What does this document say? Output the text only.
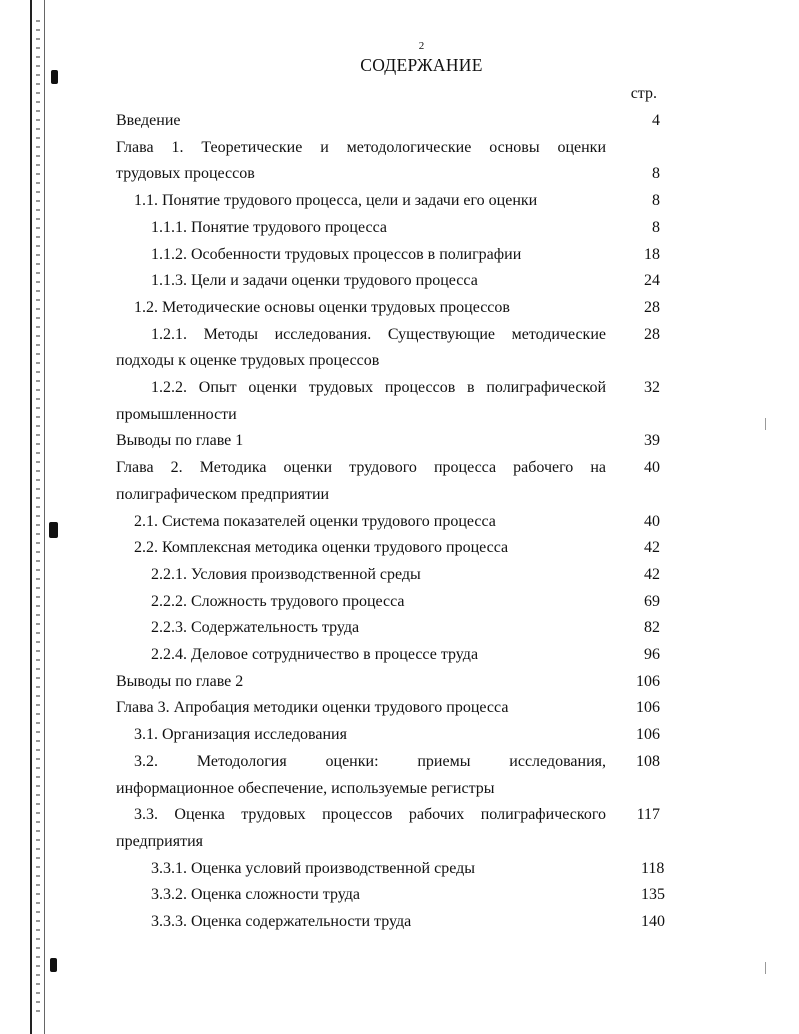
2
СОДЕРЖАНИЕ
стр.
Введение	4
Глава 1. Теоретические и методологические основы оценки
трудовых процессов	8
1.1. Понятие трудового процесса, цели и задачи его оценки	8
1.1.1. Понятие трудового процесса	8
1.1.2. Особенности трудовых процессов в полиграфии	18
1.1.3. Цели и задачи оценки трудового процесса	24
1.2. Методические основы оценки трудовых процессов	28
1.2.1. Методы исследования. Существующие методические	28
подходы к оценке трудовых процессов
1.2.2. Опыт оценки трудовых процессов в полиграфической	32
промышленности
Выводы по главе 1	39
Глава 2. Методика оценки трудового процесса рабочего на	40
полиграфическом предприятии
2.1. Система показателей оценки трудового процесса	40
2.2. Комплексная методика оценки трудового процесса	42
2.2.1. Условия производственной среды	42
2.2.2. Сложность трудового процесса	69
2.2.3. Содержательность труда	82
2.2.4. Деловое сотрудничество в процессе труда	96
Выводы по главе 2	106
Глава 3. Апробация методики оценки трудового процесса	106
3.1. Организация исследования	106
3.2. Методология оценки: приемы исследования,	108
информационное обеспечение, используемые регистры
3.3. Оценка трудовых процессов рабочих полиграфического	117
предприятия
3.3.1. Оценка условий производственной среды	118
3.3.2. Оценка сложности труда	135
3.3.3. Оценка содержательности труда	140
